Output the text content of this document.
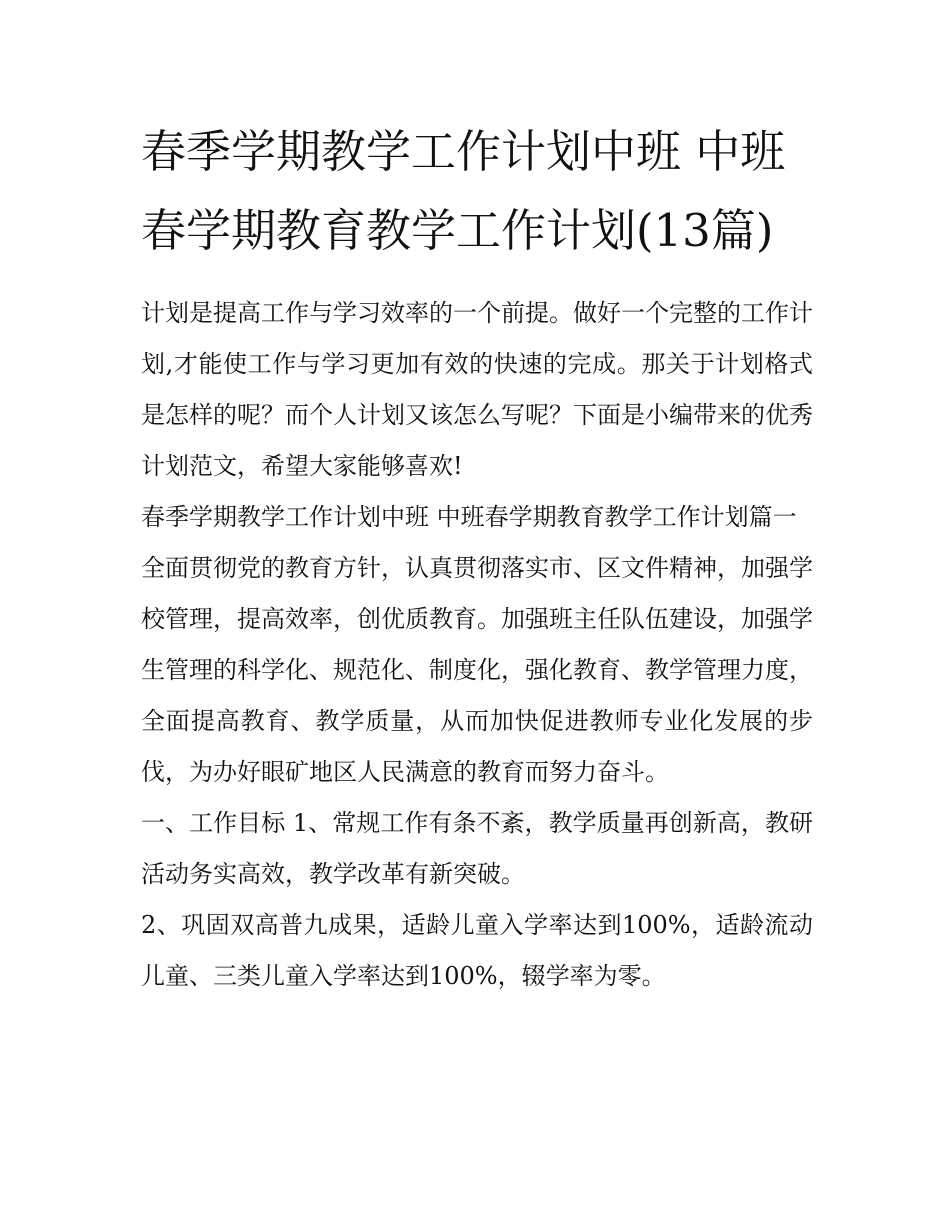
春季学期教学工作计划中班 中班春学期教育教学工作计划(13篇)

计划是提高工作与学习效率的一个前提。做好一个完整的工作计划,才能使工作与学习更加有效的快速的完成。那关于计划格式是怎样的呢？而个人计划又该怎么写呢？下面是小编带来的优秀计划范文，希望大家能够喜欢!

春季学期教学工作计划中班 中班春学期教育教学工作计划篇一

全面贯彻党的教育方针，认真贯彻落实市、区文件精神，加强学校管理，提高效率，创优质教育。加强班主任队伍建设，加强学生管理的科学化、规范化、制度化，强化教育、教学管理力度，全面提高教育、教学质量，从而加快促进教师专业化发展的步伐，为办好眼矿地区人民满意的教育而努力奋斗。

一、工作目标 1、常规工作有条不紊，教学质量再创新高，教研活动务实高效，教学改革有新突破。

2、巩固双高普九成果，适龄儿童入学率达到100%，适龄流动儿童、三类儿童入学率达到100%，辍学率为零。
